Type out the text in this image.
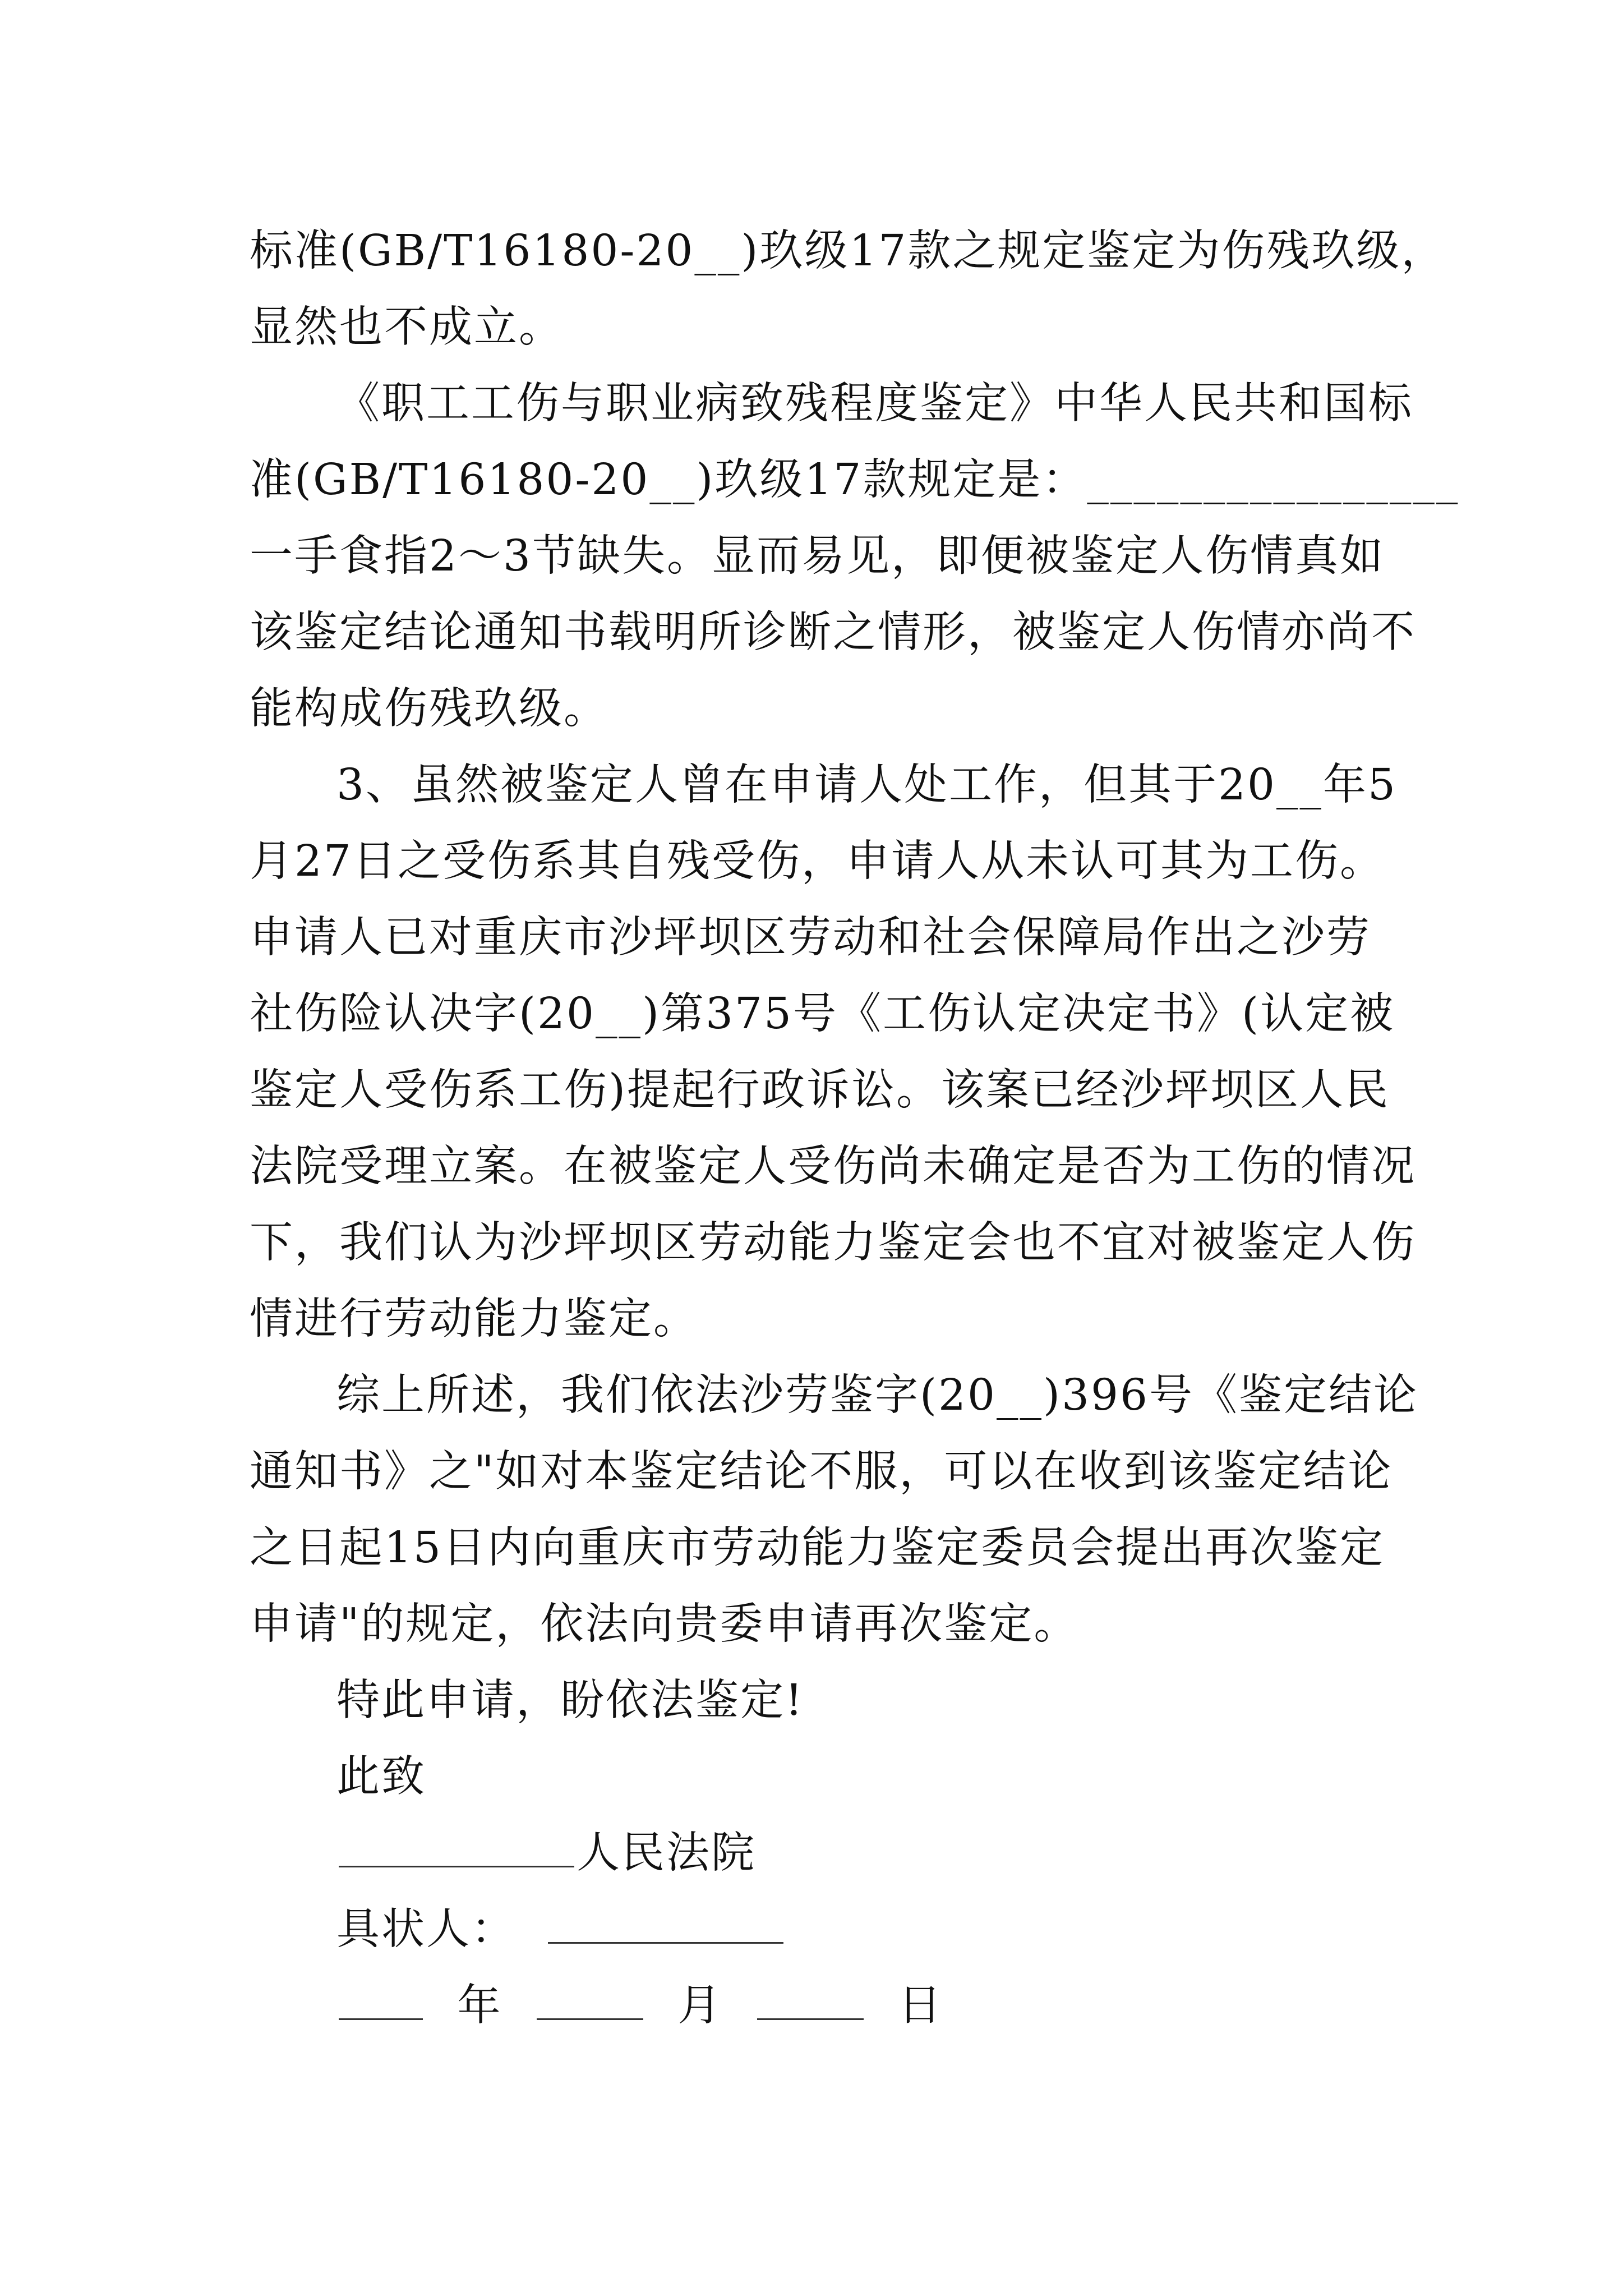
标准(GB/T16180-20__)玖级17款之规定鉴定为伤残玖级，
显然也不成立。
《职工工伤与职业病致残程度鉴定》中华人民共和国标
准(GB/T16180-20__)玖级17款规定是：________________
一手食指2～3节缺失。显而易见，即便被鉴定人伤情真如
该鉴定结论通知书载明所诊断之情形，被鉴定人伤情亦尚不
能构成伤残玖级。
3、虽然被鉴定人曾在申请人处工作，但其于20__年5
月27日之受伤系其自残受伤，申请人从未认可其为工伤。
申请人已对重庆市沙坪坝区劳动和社会保障局作出之沙劳
社伤险认决字(20__)第375号《工伤认定决定书》(认定被
鉴定人受伤系工伤)提起行政诉讼。该案已经沙坪坝区人民
法院受理立案。在被鉴定人受伤尚未确定是否为工伤的情况
下，我们认为沙坪坝区劳动能力鉴定会也不宜对被鉴定人伤
情进行劳动能力鉴定。
综上所述，我们依法沙劳鉴字(20__)396号《鉴定结论
通知书》之"如对本鉴定结论不服，可以在收到该鉴定结论
之日起15日内向重庆市劳动能力鉴定委员会提出再次鉴定
申请"的规定，依法向贵委申请再次鉴定。
特此申请，盼依法鉴定!
此致
人民法院
具状人：
年	月	日
